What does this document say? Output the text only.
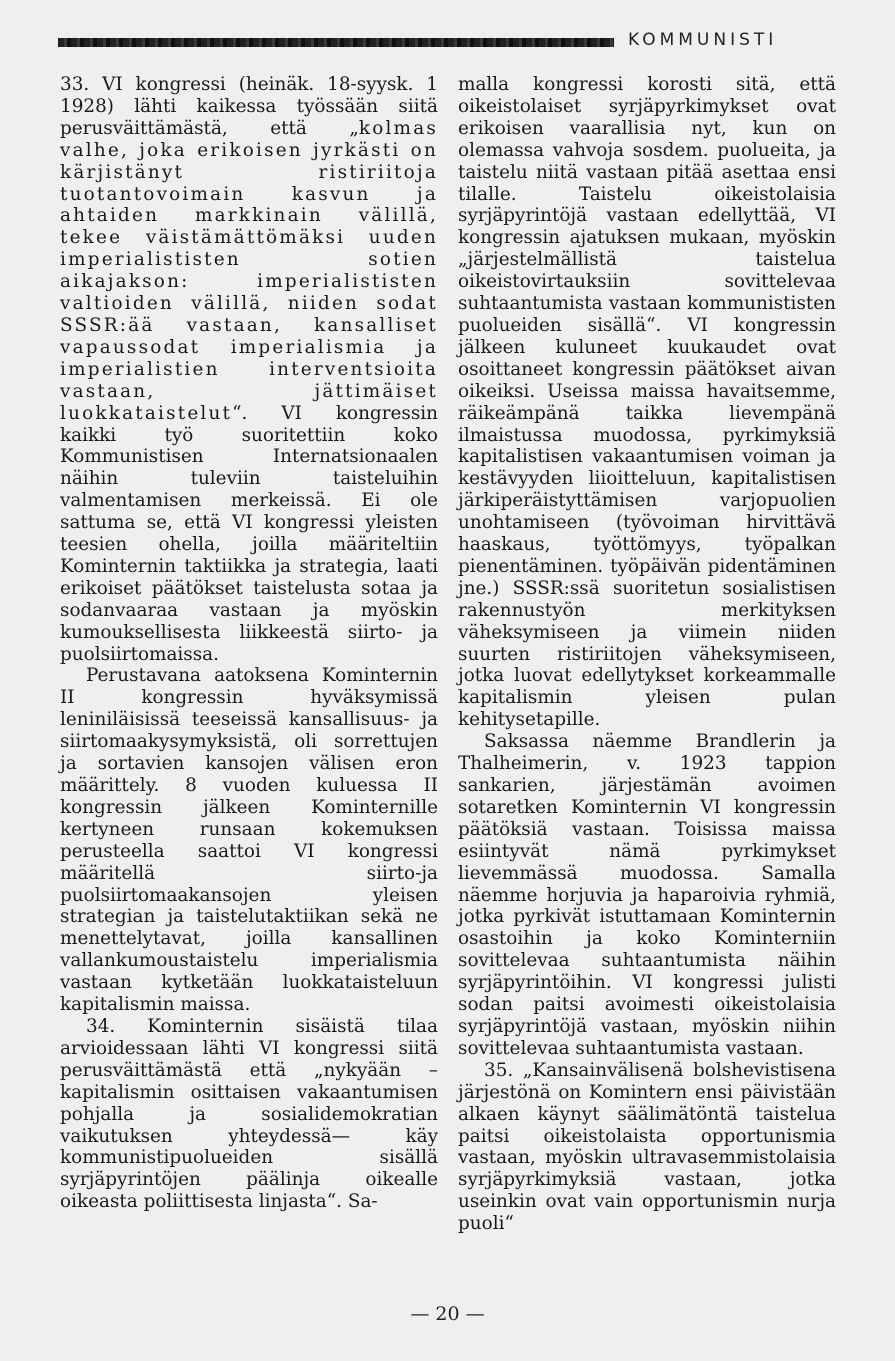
KOMMUNISTI

33. VI kongressi (heinäk. 18-syysk. 1 1928) lähti kaikessa työssään siitä perusväittämästä, että „kolmas valhe, joka erikoisen jyrkästi on kärjistänyt ristiriitoja tuotantovoimain kasvun ja ahtaiden markkinain välillä, tekee väistämättömäksi uuden imperialististen sotien aikajakson: imperialististen valtioiden välillä, niiden sodat SSSR:ää vastaan, kansalliset vapaussodat imperialismia ja imperialistien interventsioita vastaan, jättimäiset luokkataistelut“. VI kongressin kaikki työ suoritettiin koko Kommunistisen Internatsionaalen näihin tuleviin taisteluihin valmentamisen merkeissä. Ei ole sattuma se, että VI kongressi yleisten teesien ohella, joilla määriteltiin Kominternin taktiikka ja strategia, laati erikoiset päätökset taistelusta sotaa ja sodanvaaraa vastaan ja myöskin kumouksellisesta liikkeestä siirto- ja puolsiirtomaissa.

Perustavana aatoksena Kominternin II kongressin hyväksymissä leniniläisissä teeseissä kansallisuus- ja siirtomaakysymyksistä, oli sorrettujen ja sortavien kansojen välisen eron määrittely. 8 vuoden kuluessa II kongressin jälkeen Kominternille kertyneen runsaan kokemuksen perusteella saattoi VI kongressi määritellä siirto-ja puolsiirtomaakansojen yleisen strategian ja taistelutaktiikan sekä ne menettelytavat, joilla kansallinen vallankumoustaistelu imperialismia vastaan kytketään luokkataisteluun kapitalismin maissa.

34. Kominternin sisäistä tilaa arvioidessaan lähti VI kongressi siitä perusväittämästä että „nykyään – kapitalismin osittaisen vakaantumisen pohjalla ja sosialidemokratian vaikutuksen yhteydessä— käy kommunistipuolueiden sisällä syrjäpyrintöjen päälinja oikealle oikeasta poliittisesta linjasta“. Sa-

malla kongressi korosti sitä, että oikeistolaiset syrjäpyrkimykset ovat erikoisen vaarallisia nyt, kun on olemassa vahvoja sosdem. puolueita, ja taistelu niitä vastaan pitää asettaa ensi tilalle. Taistelu oikeistolaisia syrjäpyrintöjä vastaan edellyttää, VI kongressin ajatuksen mukaan, myöskin „järjestelmällistä taistelua oikeistovirtauksiin sovittelevaa suhtaantumista vastaan kommunististen puolueiden sisällä“. VI kongressin jälkeen kuluneet kuukaudet ovat osoittaneet kongressin päätökset aivan oikeiksi. Useissa maissa havaitsemme, räikeämpänä taikka lievempänä ilmaistussa muodossa, pyrkimyksiä kapitalistisen vakaantumisen voiman ja kestävyyden liioitteluun, kapitalistisen järkiperäistyttämisen varjopuolien unohtamiseen (työvoiman hirvittävä haaskaus, työttömyys, työpalkan pienentäminen. työpäivän pidentäminen jne.) SSSR:ssä suoritetun sosialistisen rakennustyön merkityksen väheksymiseen ja viimein niiden suurten ristiriitojen väheksymiseen, jotka luovat edellytykset korkeammalle kapitalismin yleisen pulan kehitysetapille.

Saksassa näemme Brandlerin ja Thalheimerin, v. 1923 tappion sankarien, järjestämän avoimen sotaretken Kominternin VI kongressin päätöksiä vastaan. Toisissa maissa esiintyvät nämä pyrkimykset lievemmässä muodossa. Samalla näemme horjuvia ja haparoivia ryhmiä, jotka pyrkivät istuttamaan Kominternin osastoihin ja koko Kominterniin sovittelevaa suhtaantumista näihin syrjäpyrintöihin. VI kongressi julisti sodan paitsi avoimesti oikeistolaisia syrjäpyrintöjä vastaan, myöskin niihin sovittelevaa suhtaantumista vastaan.

35. „Kansainvälisenä bolshevistisena järjestönä on Komintern ensi päivistään alkaen käynyt säälimätöntä taistelua paitsi oikeistolaista opportunismia vastaan, myöskin ultravasemmistolaisia syrjäpyrkimyksiä vastaan, jotka useinkin ovat vain opportunismin nurja puoli“

— 20 —
